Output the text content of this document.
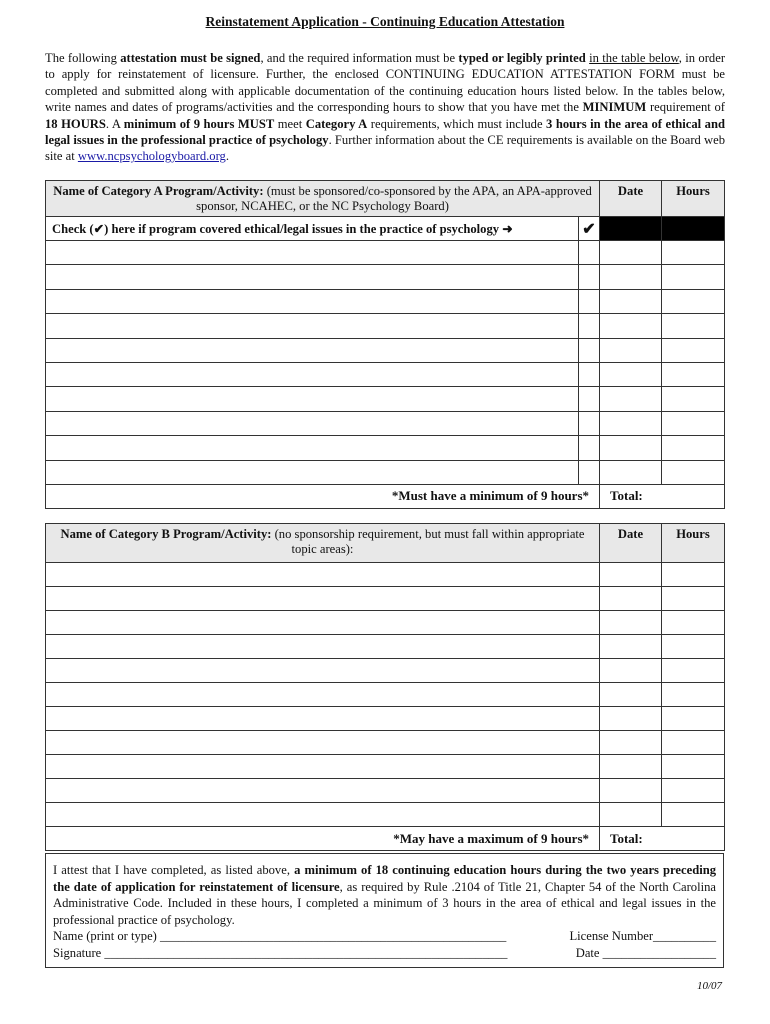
Reinstatement Application - Continuing Education Attestation
The following attestation must be signed, and the required information must be typed or legibly printed in the table below, in order to apply for reinstatement of licensure. Further, the enclosed CONTINUING EDUCATION ATTESTATION FORM must be completed and submitted along with applicable documentation of the continuing education hours listed below. In the tables below, write names and dates of programs/activities and the corresponding hours to show that you have met the MINIMUM requirement of 18 HOURS. A minimum of 9 hours MUST meet Category A requirements, which must include 3 hours in the area of ethical and legal issues in the professional practice of psychology. Further information about the CE requirements is available on the Board web site at www.ncpsychologyboard.org.
Name of Category A Program/Activity: (must be sponsored/co-sponsored by the APA, an APA-approved sponsor, NCAHEC, or the NC Psychology Board)		Date	Hours
Check (✔) here if program covered ethical/legal issues in the practice of psychology ➜	✔		

*Must have a minimum of 9 hours*		Total:	
Name of Category B Program/Activity: (no sponsorship requirement, but must fall within appropriate topic areas):	Date	Hours

*May have a maximum of 9 hours*	Total:	
I attest that I have completed, as listed above, a minimum of 18 continuing education hours during the two years preceding the date of application for reinstatement of licensure, as required by Rule .2104 of Title 21, Chapter 54 of the North Carolina Administrative Code. Included in these hours, I completed a minimum of 3 hours in the area of ethical and legal issues in the professional practice of psychology.
Name (print or type) _______________________________________________________	License Number__________
Signature ________________________________________________________________	Date __________________
10/07
